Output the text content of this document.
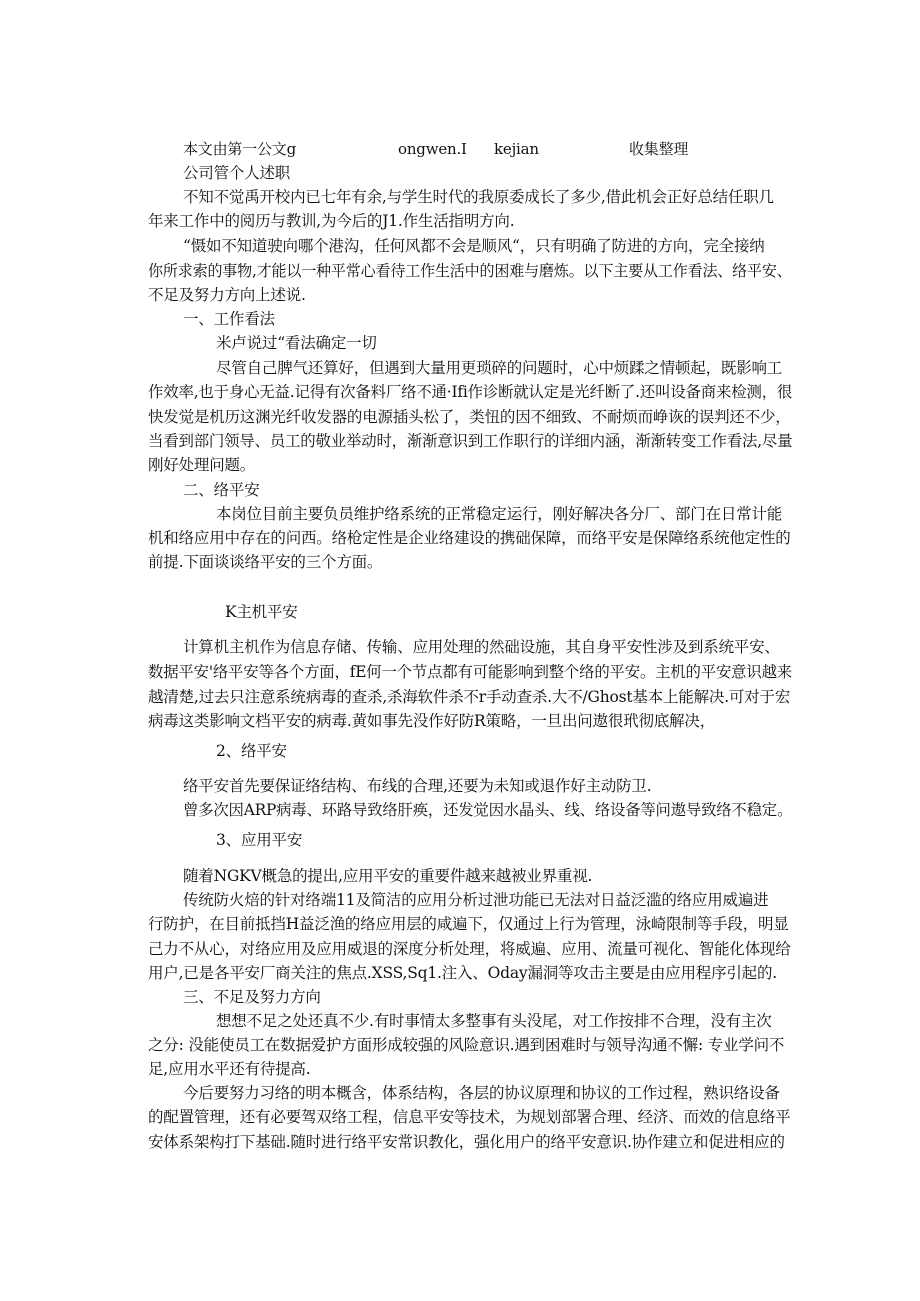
本文由第一公文g	ongwen.I kejian	收集整理

公司管个人述职

不知不觉禹开校内已七年有余,与学生时代的我原委成长了多少,借此机会正好总结任职几

年来工作中的阅历与教训,为今后的J1.作生活指明方向.

“慑如不知道驶向哪个港沟，任何风都不会是顺风“，只有明确了防进的方向，完全接纳

你所求索的事物,才能以一种平常心看待工作生活中的困难与磨炼。以下主要从工作看法、络平安、

不足及努力方向上述说.

一、工作看法

米卢说过“看法确定一切

尽管自己脾气还算好，但遇到大量用更琐碎的问题时，心中烦蹂之情顿起，既影响工

作效率,也于身心无益.记得有次备料厂络不通·Ifi作诊断就认定是光纤断了.还叫设备商来检测，很

快发觉是机历这渊光纤收发器的电源插头松了，类忸的因不细致、不耐烦而峥诙的误判还不少，

当看到部门领导、员工的敬业举动时，渐渐意识到工作职行的详细内涵，渐渐转变工作看法,尽量

刚好处理问题。

二、络平安

本岗位目前主要负员维护络系统的正常稳定运行，刚好解决各分厂、部门在日常计能

机和络应用中存在的问西。络枪定性是企业络建设的携础保障，而络平安是保障络系统他定性的

前提.下面谈谈络平安的三个方面。

K主机平安

计算机主机作为信息存储、传输、应用处理的然础设施，其自身平安性涉及到系统平安、

数据平安'络平安等各个方面，fE何一个节点都有可能影响到整个络的平安。主机的平安意识越来

越清楚,过去只注意系统病毒的查杀,杀海软件杀不r手动查杀.大不/Ghost基本上能解决.可对于宏

病毒这类影响文档平安的病毒.黄如事先没作好防R策略，一旦出问遨很玳彻底解决，

2、络平安

络平安首先要保证络结构、布线的合理,还要为未知或退作好主动防卫.

曾多次因ARP病毒、环路导致络肝痪，还发觉因水晶头、线、络设备等问遨导致络不稳定。

3、应用平安

随着NGKV概急的提出,应用平安的重要件越来越被业界重视.

传统防火焙的针对络端11及简洁的应用分析过泄功能已无法对日益泛滥的络应用威遍进

行防护，在目前抵挡H益泛渔的络应用层的咸遍下，仅通过上行为管理，泳崎限制等手段，明显

己力不从心，对络应用及应用威退的深度分析处理，将威遍、应用、流量可视化、智能化体现给

用户,已是各平安厂商关注的焦点.XSS,Sq1.注入、Oday漏洞等攻击主要是由应用程序引起的.

三、不足及努力方向

想想不足之处还真不少.有时事情太多整事有头没尾，对工作按排不合理，没有主次

之分: 没能使员工在数据爱护方面形成较强的风险意识.遇到困难时与领导沟通不懈: 专业学问不

足,应用水平还有待提高.

今后要努力习络的明本概含，体系结构，各层的协议原理和协议的工作过程，熟识络设备

的配置管理，还有必要驾双络工程，信息平安等技术，为规划部署合理、经济、而效的信息络平

安体系架构打下基础.随时进行络平安常识教化，强化用户的络平安意识.协作建立和促进相应的
